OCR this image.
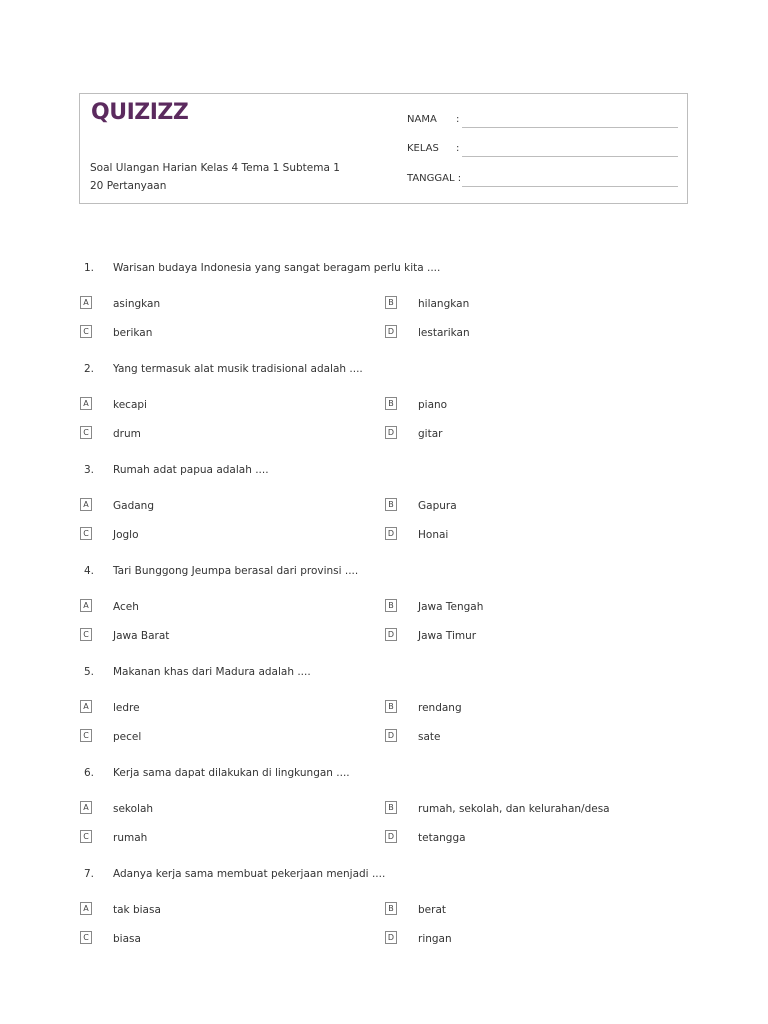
QUIZIZZ
Soal Ulangan Harian Kelas 4 Tema 1 Subtema 1
20 Pertanyaan
NAMA :
KELAS :
TANGGAL :
1. Warisan budaya Indonesia yang sangat beragam perlu kita ....
A	asingkan	B	hilangkan
C	berikan	D lestarikan
2. Yang termasuk alat musik tradisional adalah ....
A	kecapi	B	piano
C	drum	D gitar
3. Rumah adat papua adalah ....
A	Gadang	B	Gapura
C	Joglo	D Honai
4. Tari Bunggong Jeumpa berasal dari provinsi ....
A	Aceh	B	Jawa Tengah
C	Jawa Barat	D Jawa Timur
5. Makanan khas dari Madura adalah ....
A	ledre	B	rendang
C	pecel	D sate
6. Kerja sama dapat dilakukan di lingkungan ....
A	sekolah	B	rumah, sekolah, dan kelurahan/desa
C	rumah	D tetangga
7. Adanya kerja sama membuat pekerjaan menjadi ....
A	tak biasa	B	berat
C	biasa	D ringan
